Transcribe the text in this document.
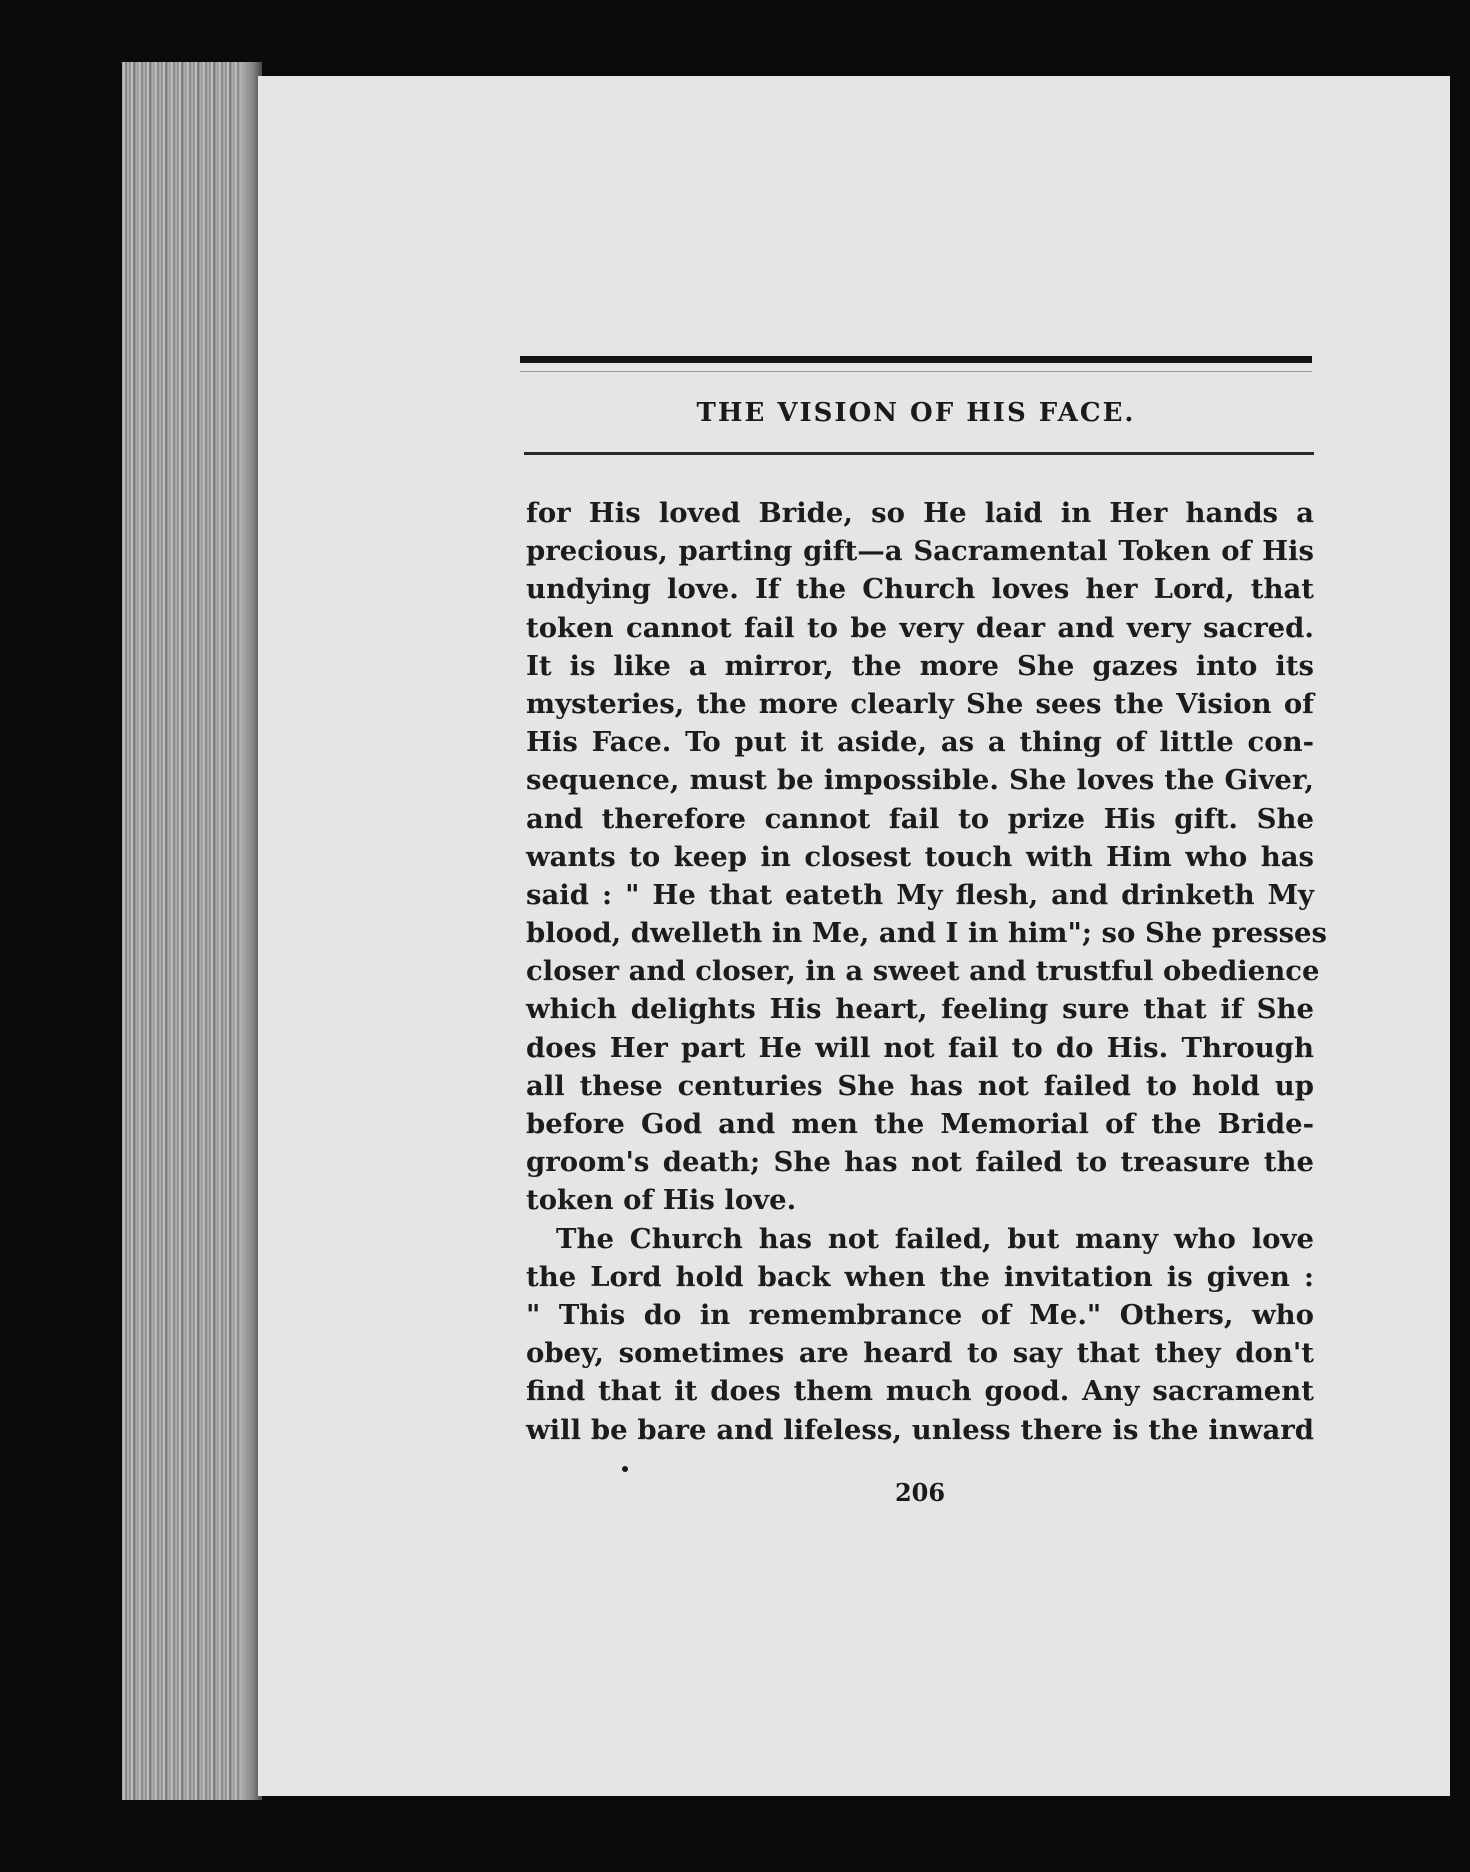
THE VISION OF HIS FACE.
for His loved Bride, so He laid in Her hands a
precious, parting gift—a Sacramental Token of His
undying love. If the Church loves her Lord, that
token cannot fail to be very dear and very sacred.
It is like a mirror, the more She gazes into its
mysteries, the more clearly She sees the Vision of
His Face. To put it aside, as a thing of little con-
sequence, must be impossible. She loves the Giver,
and therefore cannot fail to prize His gift. She
wants to keep in closest touch with Him who has
said : " He that eateth My flesh, and drinketh My
blood, dwelleth in Me, and I in him"; so She presses
closer and closer, in a sweet and trustful obedience
which delights His heart, feeling sure that if She
does Her part He will not fail to do His. Through
all these centuries She has not failed to hold up
before God and men the Memorial of the Bride-
groom's death; She has not failed to treasure the
token of His love.
The Church has not failed, but many who love
the Lord hold back when the invitation is given :
" This do in remembrance of Me." Others, who
obey, sometimes are heard to say that they don't
find that it does them much good. Any sacrament
will be bare and lifeless, unless there is the inward
206
